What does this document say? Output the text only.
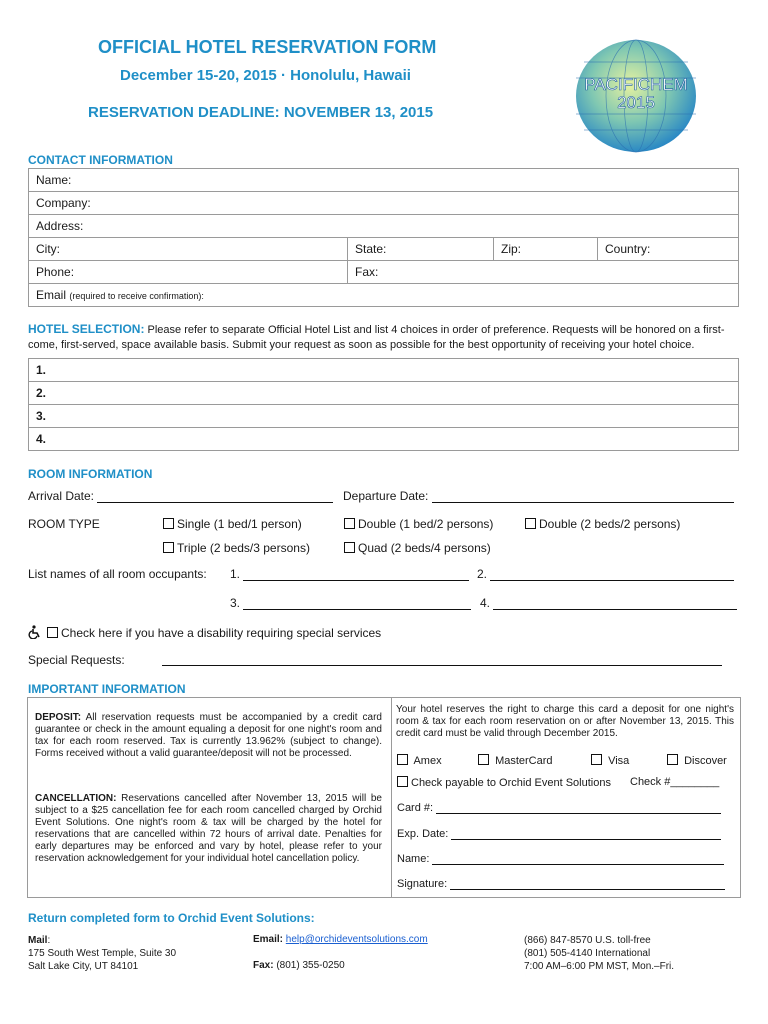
OFFICIAL HOTEL RESERVATION FORM
December 15-20, 2015 · Honolulu, Hawaii
RESERVATION DEADLINE: NOVEMBER 13, 2015
PACIFICHEM
2015
CONTACT INFORMATION
Name:			
Company:			
Address:			
City:	State:	Zip:	Country:
Phone:	Fax:		
Email (required to receive confirmation):			
HOTEL SELECTION: Please refer to separate Official Hotel List and list 4 choices in order of preference. Requests will be honored on a first-come, first-served, space available basis. Submit your request as soon as possible for the best opportunity of receiving your hotel choice.
1.
2.
3.
4.
ROOM INFORMATION
Arrival Date:	Departure Date:
ROOM TYPE	Single (1 bed/1 person)	Double (1 bed/2 persons)	Double (2 beds/2 persons)
Triple (2 beds/3 persons)	Quad (2 beds/4 persons)
List names of all room occupants: 1.	2.
3.	4.
Check here if you have a disability requiring special services
Special Requests:
IMPORTANT INFORMATION
DEPOSIT: All reservation requests must be accompanied by a credit card guarantee or check in the amount equaling a deposit for one night's room and tax for each room reserved. Tax is currently 13.962% (subject to change). Forms received without a valid guarantee/deposit will not be processed.
CANCELLATION: Reservations cancelled after November 13, 2015 will be subject to a $25 cancellation fee for each room cancelled charged by Orchid Event Solutions. One night's room & tax will be charged by the hotel for reservations that are cancelled within 72 hours of arrival date. Penalties for early departures may be enforced and vary by hotel, please refer to your reservation acknowledgement for your individual hotel cancellation policy.
Your hotel reserves the right to charge this card a deposit for one night's room & tax for each room reservation on or after November 13, 2015. This credit card must be valid through December 2015.
Amex	MasterCard	Visa	Discover
Check payable to Orchid Event Solutions Check #________
Card #:
Exp. Date:
Name:
Signature:
Return completed form to Orchid Event Solutions:
Mail:
175 South West Temple, Suite 30
Salt Lake City, UT 84101
Email: help@orchideventsolutions.com
Fax: (801) 355-0250
(866) 847-8570 U.S. toll-free
(801) 505-4140 International
7:00 AM–6:00 PM MST, Mon.–Fri.
